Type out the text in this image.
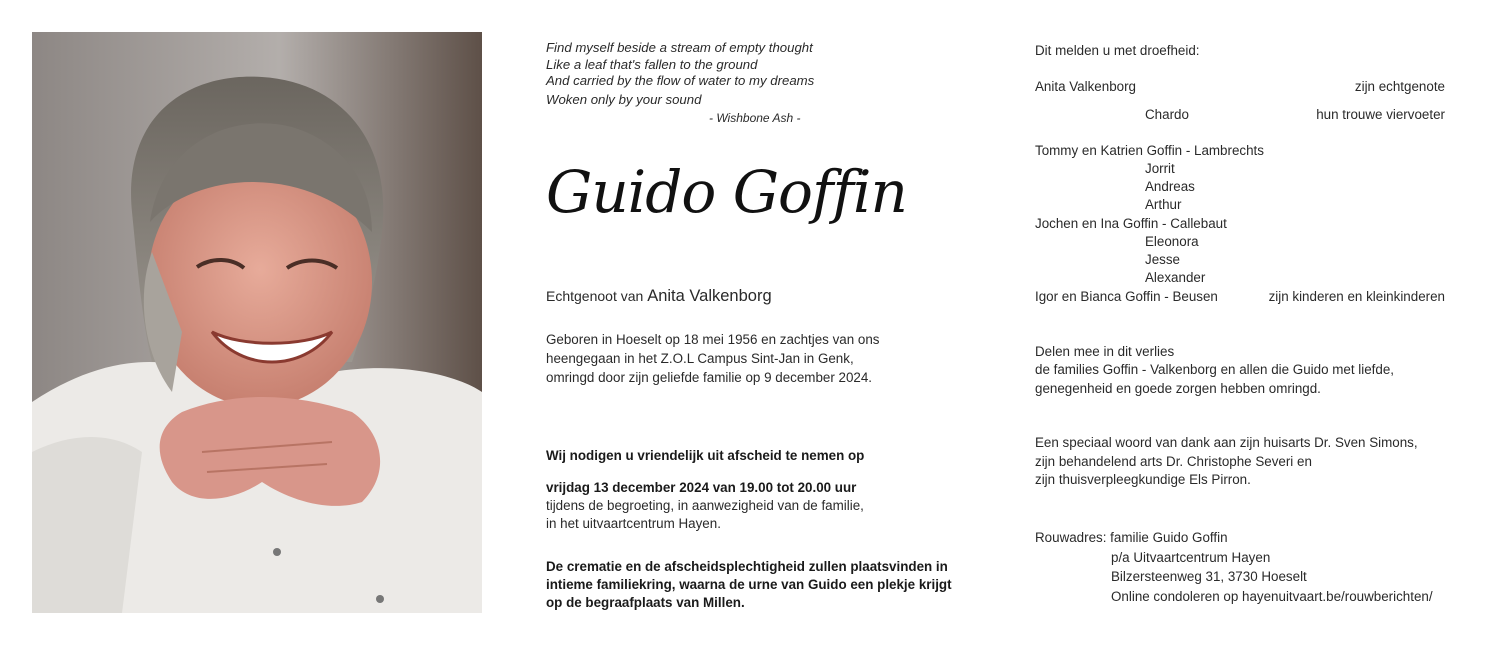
Find myself beside a stream of empty thought
Like a leaf that's fallen to the ground
And carried by the flow of water to my dreams
Woken only by your sound
- Wishbone Ash -
Guido Goffin
Echtgenoot van Anita Valkenborg
Geboren in Hoeselt op 18 mei 1956 en zachtjes van ons
heengegaan in het Z.O.L Campus Sint-Jan in Genk,
omringd door zijn geliefde familie op 9 december 2024.
Wij nodigen u vriendelijk uit afscheid te nemen op
vrijdag 13 december 2024 van 19.00 tot 20.00 uur
tijdens de begroeting, in aanwezigheid van de familie,
in het uitvaartcentrum Hayen.
De crematie en de afscheidsplechtigheid zullen plaatsvinden in
intieme familiekring, waarna de urne van Guido een plekje krijgt
op de begraafplaats van Millen.
Dit melden u met droefheid:
Anita Valkenborg	zijn echtgenote
Chardo	hun trouwe viervoeter
Tommy en Katrien Goffin - Lambrechts
Jorrit
Andreas
Arthur
Jochen en Ina Goffin - Callebaut
Eleonora
Jesse
Alexander
Igor en Bianca Goffin - Beusen	zijn kinderen en kleinkinderen
Delen mee in dit verlies
de families Goffin - Valkenborg en allen die Guido met liefde,
genegenheid en goede zorgen hebben omringd.
Een speciaal woord van dank aan zijn huisarts Dr. Sven Simons,
zijn behandelend arts Dr. Christophe Severi en
zijn thuisverpleegkundige Els Pirron.
Rouwadres: familie Guido Goffin
p/a Uitvaartcentrum Hayen
Bilzersteenweg 31, 3730 Hoeselt
Online condoleren op hayenuitvaart.be/rouwberichten/
